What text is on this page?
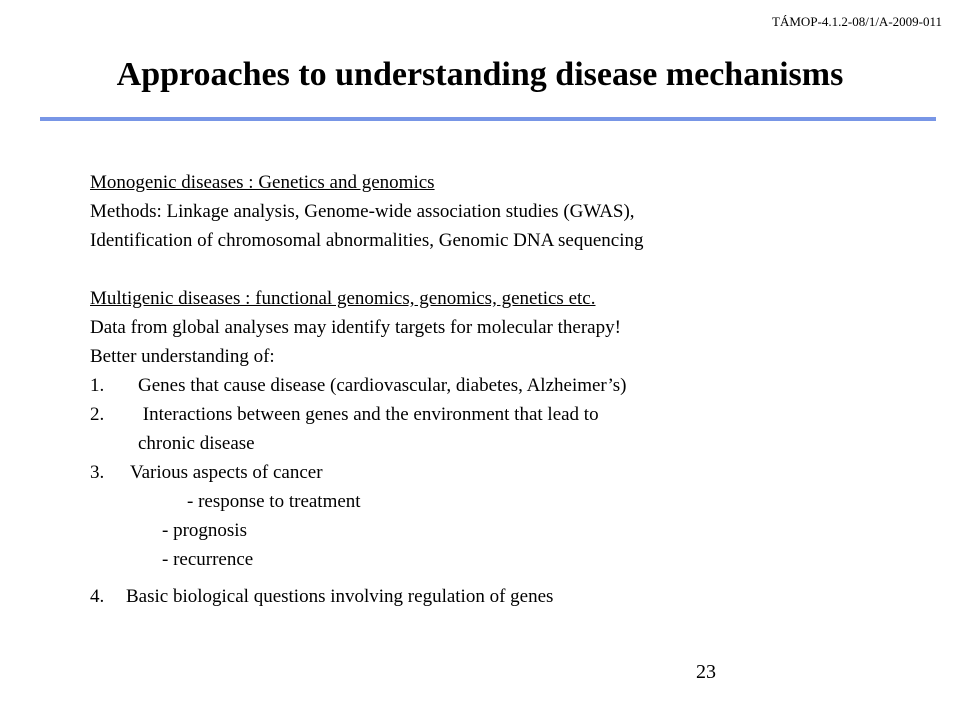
TÁMOP-4.1.2-08/1/A-2009-011
Approaches to understanding disease mechanisms
Monogenic diseases : Genetics and genomics
Methods: Linkage analysis, Genome-wide association studies (GWAS),
Identification of chromosomal abnormalities, Genomic DNA sequencing
Multigenic diseases : functional genomics, genomics, genetics etc.
Data from global analyses may identify targets for molecular therapy!
Better understanding of:
1.	Genes that cause disease (cardiovascular, diabetes, Alzheimer’s)
2.	Interactions between genes and the environment that lead to
chronic disease
3.	Various aspects of cancer
- response to treatment
- prognosis
- recurrence
4.	Basic biological questions involving regulation of genes
23
